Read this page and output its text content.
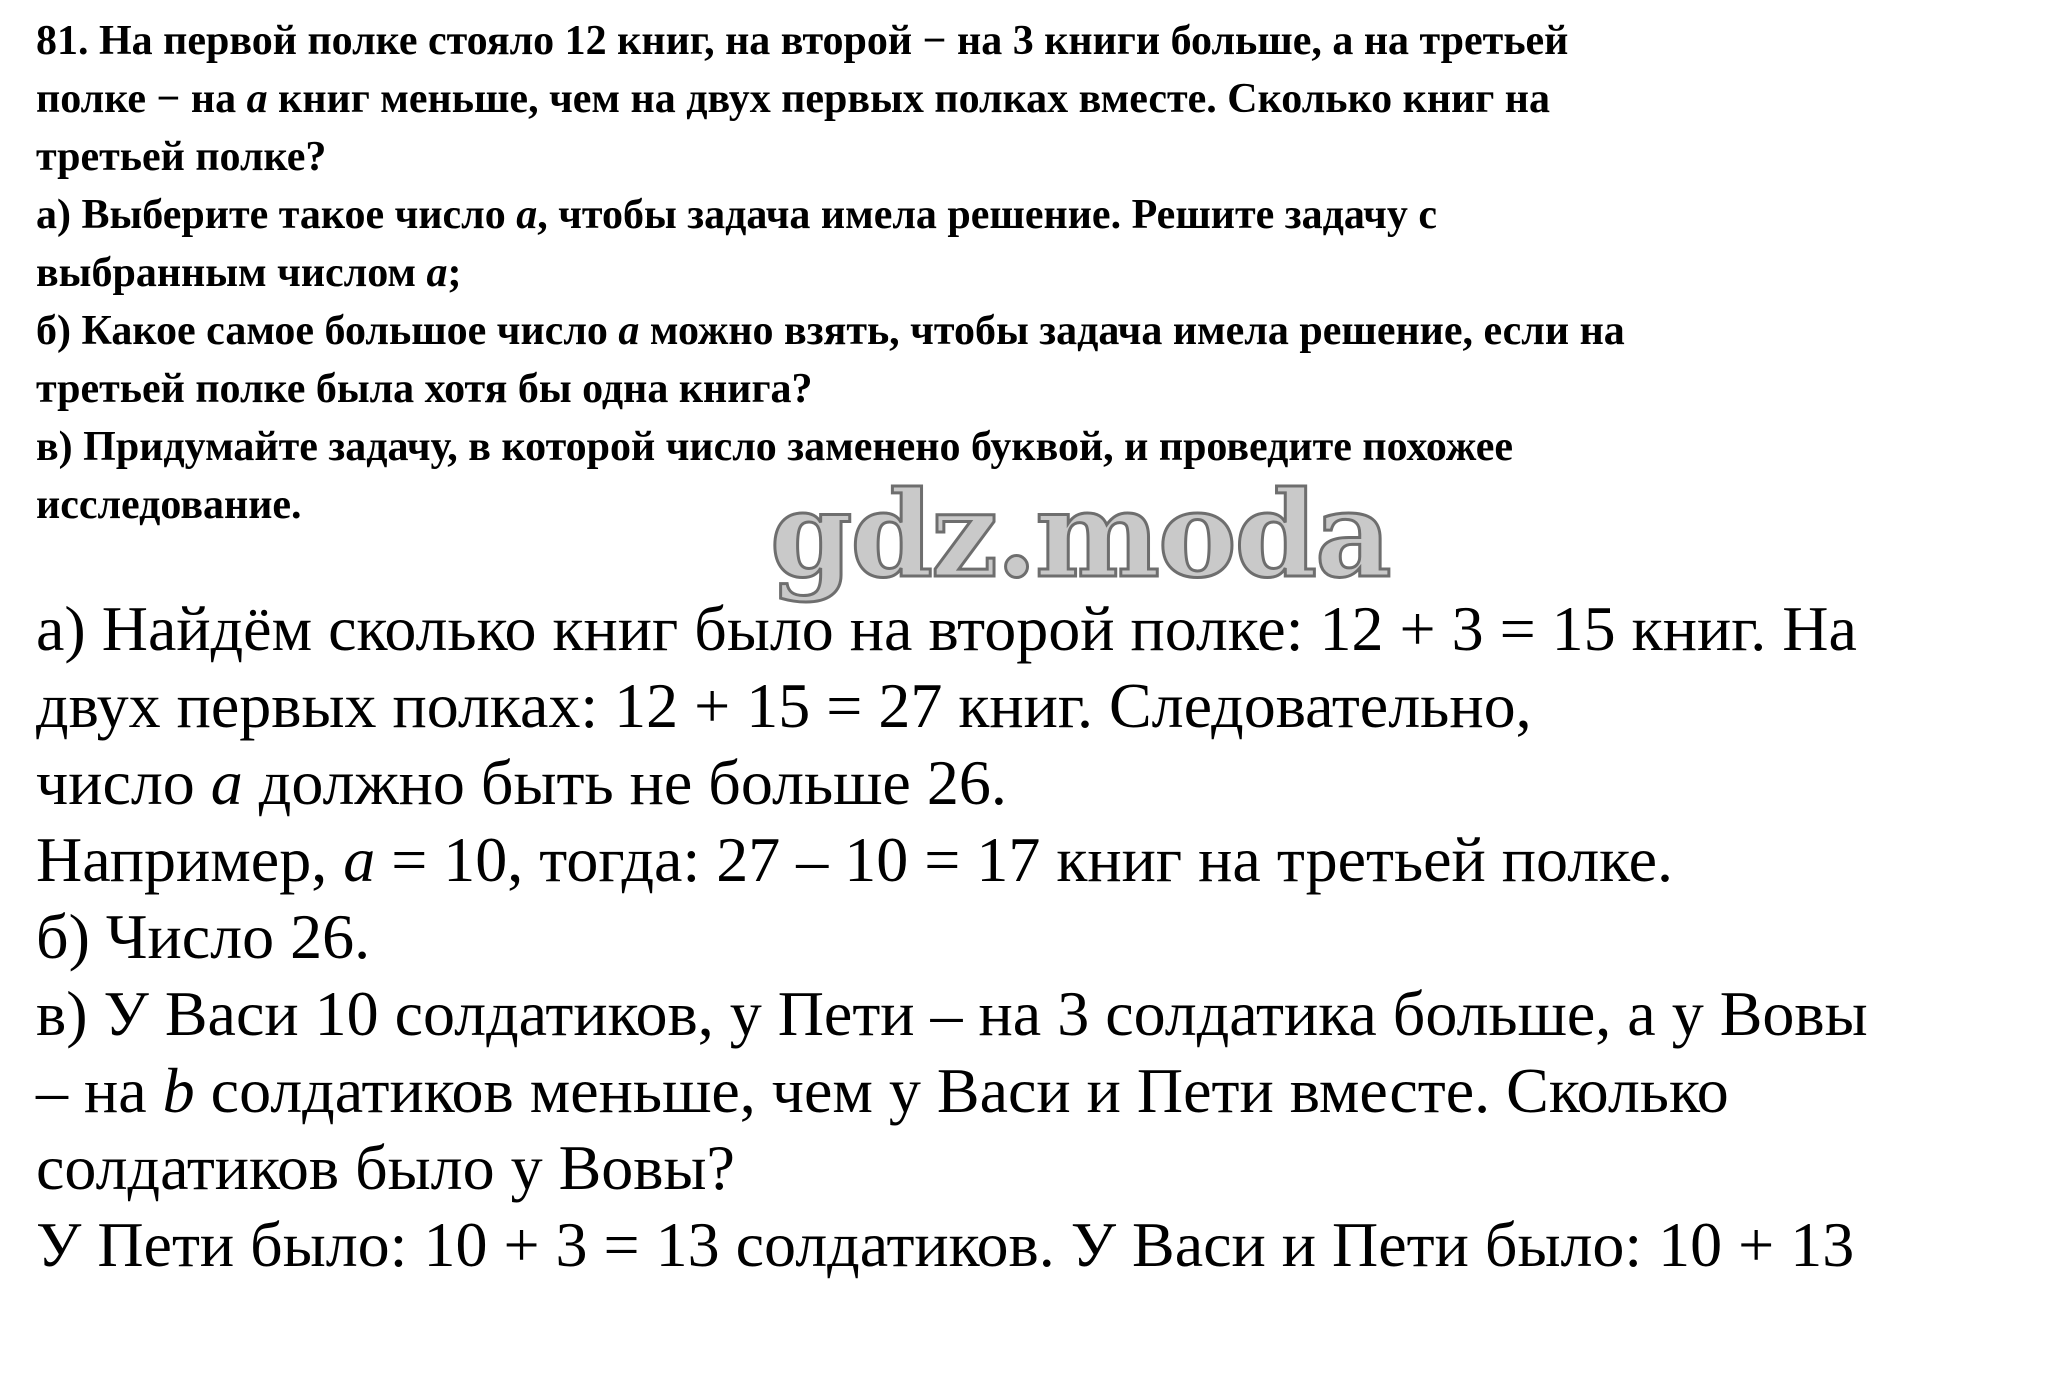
81. На первой полке стояло 12 книг, на второй − на 3 книги больше, а на третьей
полке − на a книг меньше, чем на двух первых полках вместе. Сколько книг на
третьей полке?
а) Выберите такое число a, чтобы задача имела решение. Решите задачу с
выбранным числом a;
б) Какое самое большое число a можно взять, чтобы задача имела решение, если на
третьей полке была хотя бы одна книга?
в) Придумайте задачу, в которой число заменено буквой, и проведите похожее
исследование.	gdz.moda
а) Найдём сколько книг было на второй полке: 12 + 3 = 15 книг. На
двух первых полках: 12 + 15 = 27 книг. Следовательно,
число a должно быть не больше 26.
Например, a = 10, тогда: 27 – 10 = 17 книг на третьей полке.
б) Число 26.
в) У Васи 10 солдатиков, у Пети – на 3 солдатика больше, а у Вовы
– на b солдатиков меньше, чем у Васи и Пети вместе. Сколько
солдатиков было у Вовы?
У Пети было: 10 + 3 = 13 солдатиков. У Васи и Пети было: 10 + 13
